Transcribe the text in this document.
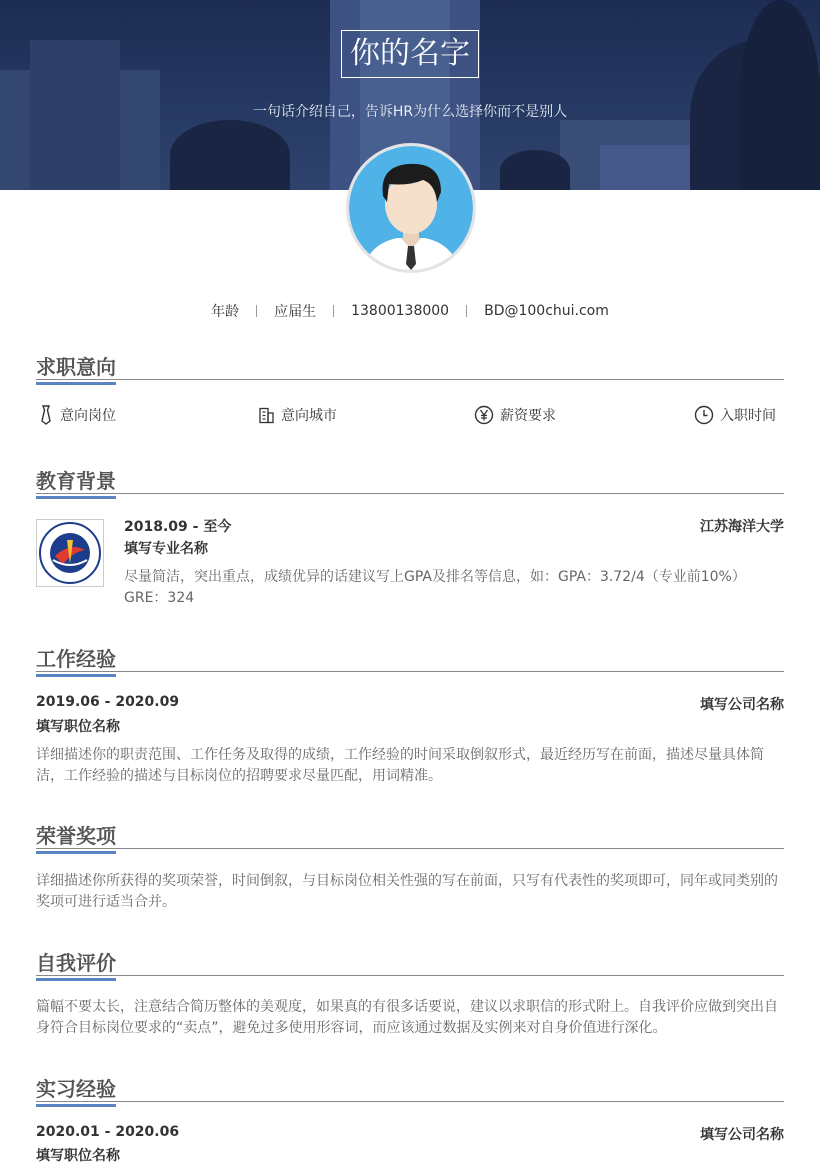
你的名字
一句话介绍自己，告诉HR为什么选择你而不是别人
年龄	应届生	13800138000	BD@100chui.com
求职意向
意向岗位	意向城市	薪资要求	入职时间
教育背景
2018.09 - 至今	江苏海洋大学
填写专业名称
尽量简洁，突出重点，成绩优异的话建议写上GPA及排名等信息，如：GPA：3.72/4（专业前10%） GRE：324
工作经验
2019.06 - 2020.09	填写公司名称
填写职位名称
详细描述你的职责范围、工作任务及取得的成绩，工作经验的时间采取倒叙形式，最近经历写在前面，描述尽量具体简洁，工作经验的描述与目标岗位的招聘要求尽量匹配，用词精准。
荣誉奖项
详细描述你所获得的奖项荣誉，时间倒叙，与目标岗位相关性强的写在前面，只写有代表性的奖项即可，同年或同类别的奖项可进行适当合并。
自我评价
篇幅不要太长，注意结合简历整体的美观度，如果真的有很多话要说，建议以求职信的形式附上。自我评价应做到突出自身符合目标岗位要求的“卖点”，避免过多使用形容词，而应该通过数据及实例来对自身价值进行深化。
实习经验
2020.01 - 2020.06	填写公司名称
填写职位名称
